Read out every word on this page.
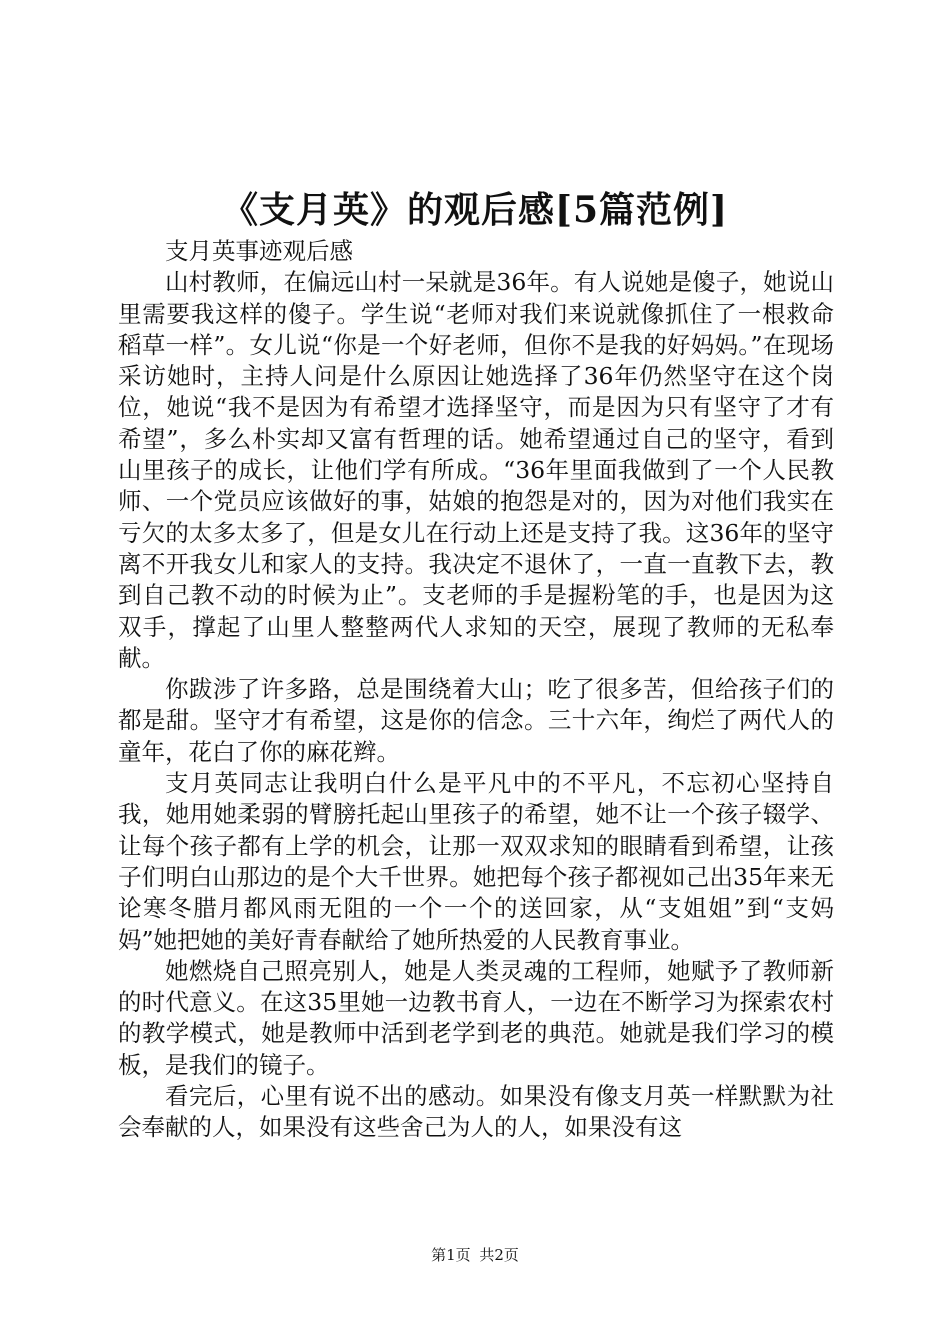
《支月英》的观后感[5篇范例]

支月英事迹观后感

山村教师，在偏远山村一呆就是36年。有人说她是傻子，她说山里需要我这样的傻子。学生说“老师对我们来说就像抓住了一根救命稻草一样”。女儿说“你是一个好老师，但你不是我的好妈妈。”在现场采访她时，主持人问是什么原因让她选择了36年仍然坚守在这个岗位，她说“我不是因为有希望才选择坚守，而是因为只有坚守了才有希望”，多么朴实却又富有哲理的话。她希望通过自己的坚守，看到山里孩子的成长，让他们学有所成。“36年里面我做到了一个人民教师、一个党员应该做好的事，姑娘的抱怨是对的，因为对他们我实在亏欠的太多太多了，但是女儿在行动上还是支持了我。这36年的坚守离不开我女儿和家人的支持。我决定不退休了，一直一直教下去，教到自己教不动的时候为止”。支老师的手是握粉笔的手，也是因为这双手，撑起了山里人整整两代人求知的天空，展现了教师的无私奉献。

你跋涉了许多路，总是围绕着大山；吃了很多苦，但给孩子们的都是甜。坚守才有希望，这是你的信念。三十六年，绚烂了两代人的童年，花白了你的麻花辫。

支月英同志让我明白什么是平凡中的不平凡，不忘初心坚持自我，她用她柔弱的臂膀托起山里孩子的希望，她不让一个孩子辍学、让每个孩子都有上学的机会，让那一双双求知的眼睛看到希望，让孩子们明白山那边的是个大千世界。她把每个孩子都视如己出35年来无论寒冬腊月都风雨无阻的一个一个的送回家，从“支姐姐”到“支妈妈”她把她的美好青春献给了她所热爱的人民教育事业。

她燃烧自己照亮别人，她是人类灵魂的工程师，她赋予了教师新的时代意义。在这35里她一边教书育人，一边在不断学习为探索农村的教学模式，她是教师中活到老学到老的典范。她就是我们学习的模板，是我们的镜子。

看完后，心里有说不出的感动。如果没有像支月英一样默默为社会奉献的人，如果没有这些舍己为人的人，如果没有这

第1页 共2页
